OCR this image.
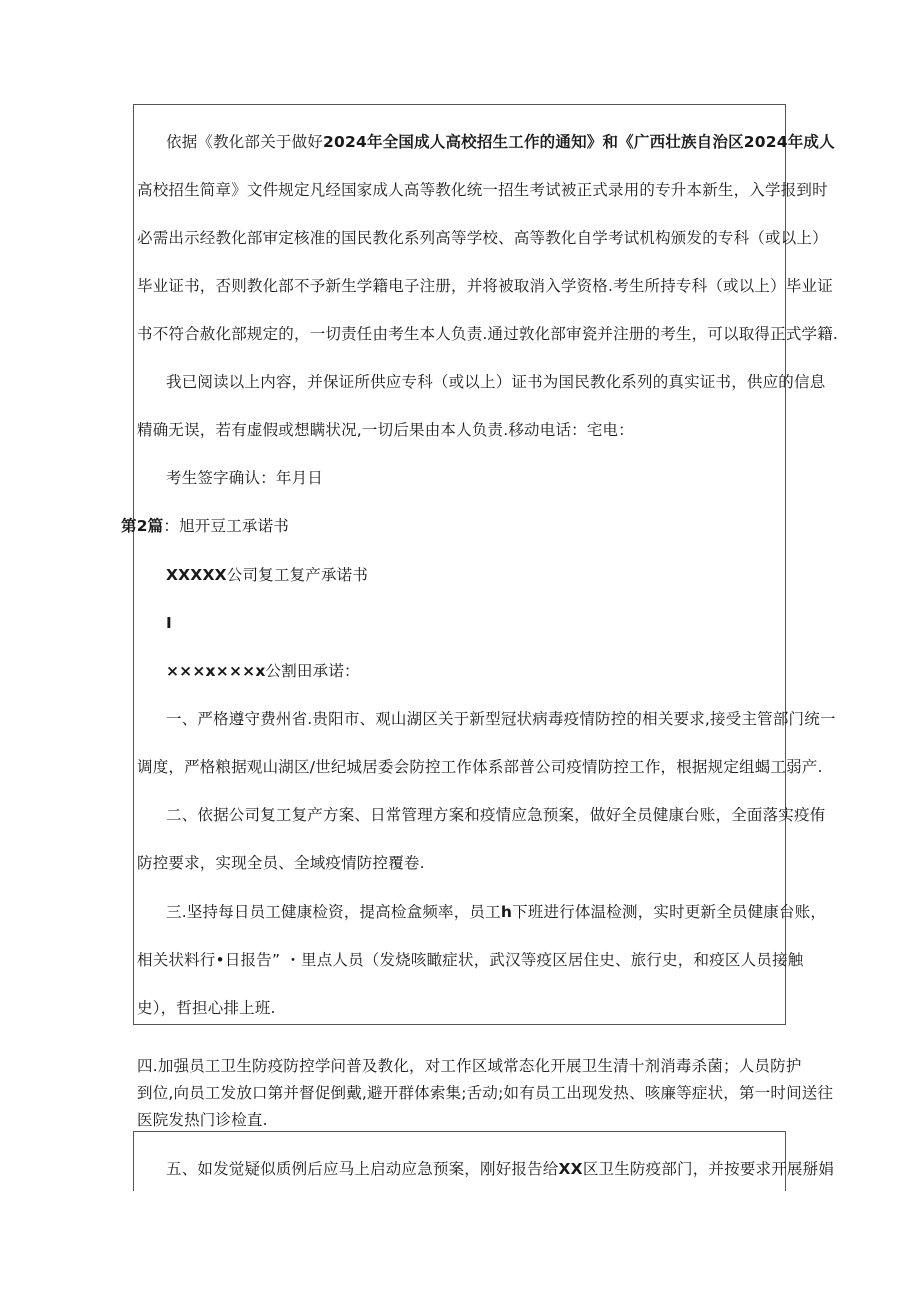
依据《教化部关于做好2024年全国成人高校招生工作的通知》和《广西壮族自治区2024年成人
高校招生简章》文件规定凡经国家成人高等教化统一招生考试被正式录用的专升本新生，入学报到时
必需出示经教化部审定核准的国民教化系列高等学校、高等教化自学考试机构颁发的专科（或以上）
毕业证书，否则教化部不予新生学籍电子注册，并将被取消入学资格.考生所持专科（或以上）毕业证
书不符合赦化部规定的，一切责任由考生本人负责.通过敦化部审瓷并注册的考生，可以取得正式学籍.
我已阅读以上内容，并保证所供应专科（或以上）证书为国民教化系列的真实证书，供应的信息
精确无误，若有虚假或想瞒状况,一切后果由本人负责.移动电话：宅电：
考生签字确认：年月日
第2篇：旭开豆工承诺书
XXXXX公司复工复产承诺书
I
×××x×××x公割田承诺：
一、严格遵守费州省.贵阳市、观山湖区关于新型冠状病毒疫情防控的相关要求,接受主管部门统一
调度，严格粮据观山湖区/世纪城居委会防控工作体系部普公司疫情防控工作，根据规定组蝎工弱产.
二、依据公司复工复产方案、日常管理方案和疫情应急预案，做好全员健康台账，全面落实疫侑
防控要求，实现全员、全域疫情防控覆卷.
三.坚持每日员工健康检资，提高检盒频率，员工h下班进行体温检测，实时更新全员健康台账，
相关状料行•日报告” ・里点人员（发烧咳瞰症状，武汉等疫区居住史、旅行史，和疫区人员接触
史），哲担心排上班.
四.加强员工卫生防疫防控学问普及教化，对工作区域常态化开展卫生清十剂消毒杀菌；人员防护
到位,向员工发放口第并督促倒戴,避开群体索集;舌动;如有员工出现发热、咳廉等症状，第一时间送往
医院发热门诊检直.
五、如发觉疑似质例后应马上启动应急预案，刚好报告给XX区卫生防疫部门，并按要求开展掰娟
